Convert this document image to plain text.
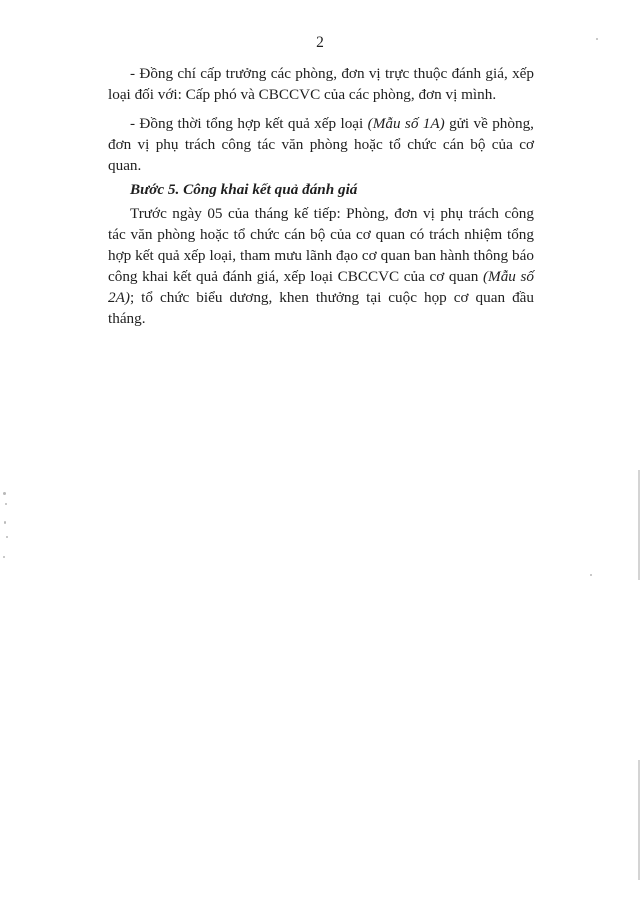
2

- Đồng chí cấp trưởng các phòng, đơn vị trực thuộc đánh giá, xếp loại đối với: Cấp phó và CBCCVC của các phòng, đơn vị mình.

- Đồng thời tổng hợp kết quả xếp loại (Mẫu số 1A) gửi về phòng, đơn vị phụ trách công tác văn phòng hoặc tổ chức cán bộ của cơ quan.

Bước 5. Công khai kết quả đánh giá

Trước ngày 05 của tháng kế tiếp: Phòng, đơn vị phụ trách công tác văn phòng hoặc tổ chức cán bộ của cơ quan có trách nhiệm tổng hợp kết quả xếp loại, tham mưu lãnh đạo cơ quan ban hành thông báo công khai kết quả đánh giá, xếp loại CBCCVC của cơ quan (Mẫu số 2A); tổ chức biểu dương, khen thưởng tại cuộc họp cơ quan đầu tháng.
